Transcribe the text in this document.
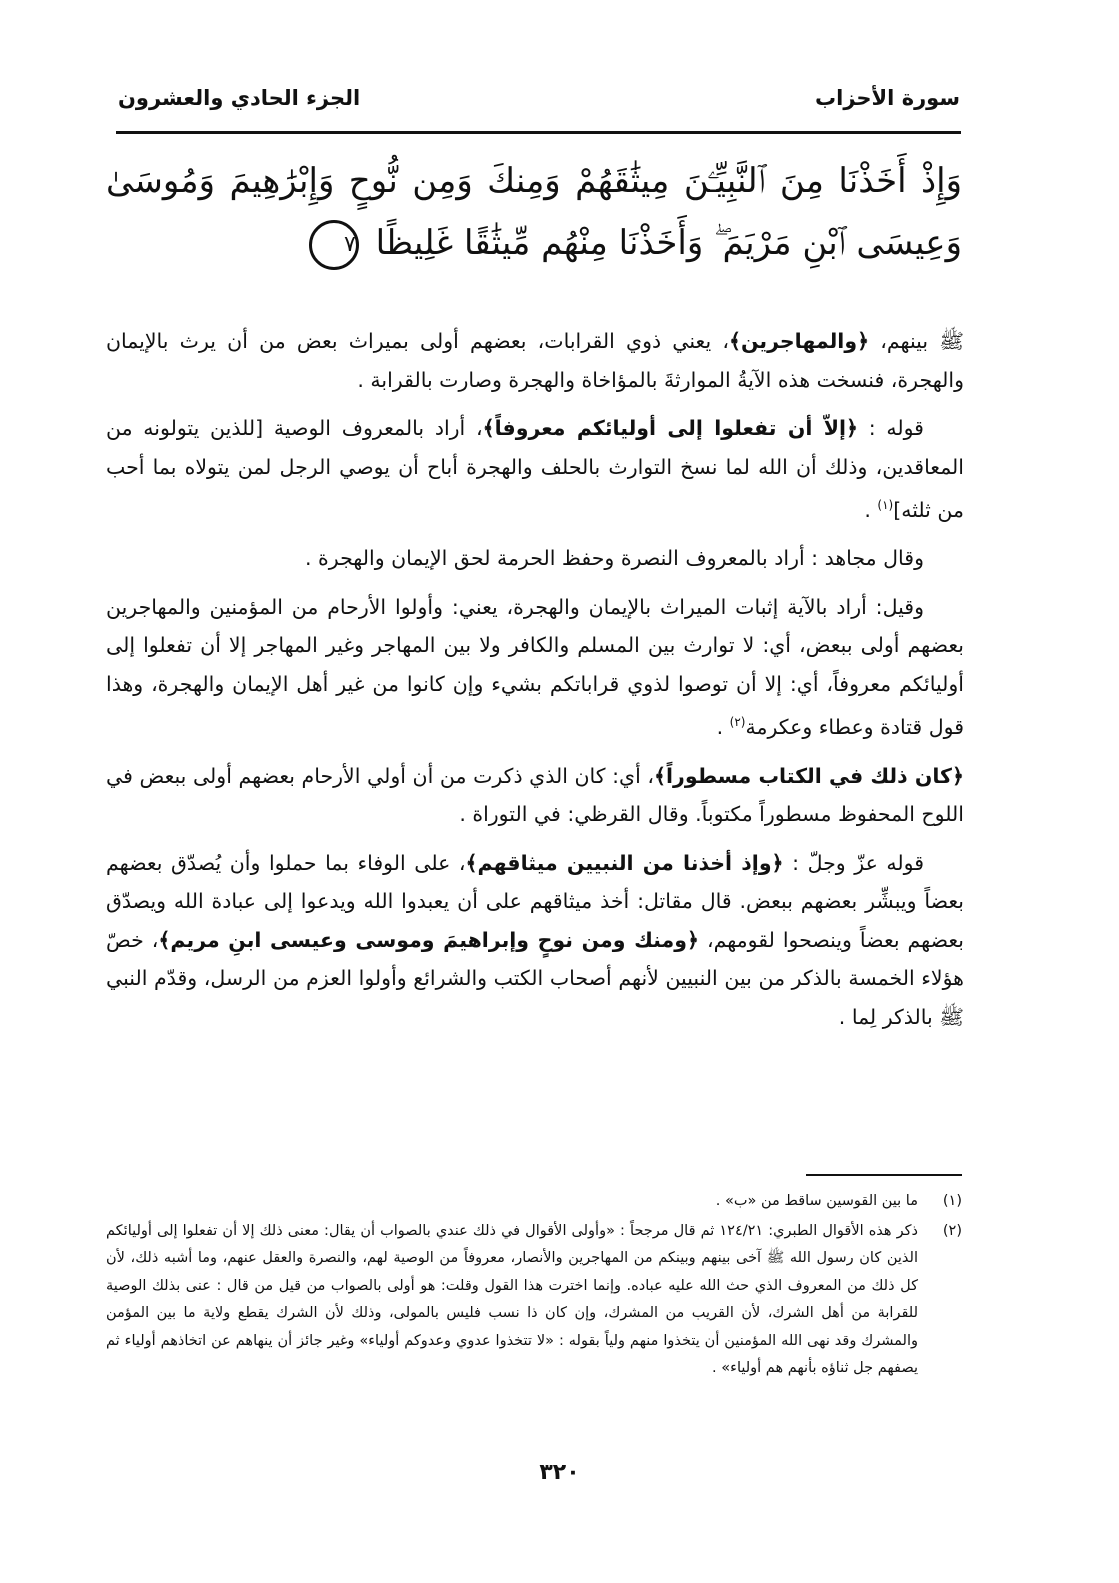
سورة الأحزاب
الجزء الحادي والعشرون
وَإِذْ أَخَذْنَا مِنَ ٱلنَّبِيِّـۧنَ مِيثَٰقَهُمْ وَمِنكَ وَمِن نُّوحٍ وَإِبْرَٰهِيمَ وَمُوسَىٰ وَعِيسَى ٱبْنِ مَرْيَمَ ۖ وَأَخَذْنَا مِنْهُم مِّيثَٰقًا غَلِيظًا ٧

ﷺ بينهم، ﴿والمهاجرين﴾، يعني ذوي القرابات، بعضهم أولى بميراث بعض من أن يرث بالإيمان والهجرة، فنسخت هذه الآيةُ الموارثةَ بالمؤاخاة والهجرة وصارت بالقرابة .

قوله : ﴿إلاّ أن تفعلوا إلى أوليائكم معروفاً﴾، أراد بالمعروف الوصية [للذين يتولونه من المعاقدين، وذلك أن الله لما نسخ التوارث بالحلف والهجرة أباح أن يوصي الرجل لمن يتولاه بما أحب من ثلثه]$^{(١)}$ .

وقال مجاهد : أراد بالمعروف النصرة وحفظ الحرمة لحق الإيمان والهجرة .

وقيل: أراد بالآية إثبات الميراث بالإيمان والهجرة، يعني: وأولوا الأرحام من المؤمنين والمهاجرين بعضهم أولى ببعض، أي: لا توارث بين المسلم والكافر ولا بين المهاجر وغير المهاجر إلا أن تفعلوا إلى أوليائكم معروفاً، أي: إلا أن توصوا لذوي قراباتكم بشيء وإن كانوا من غير أهل الإيمان والهجرة، وهذا قول قتادة وعطاء وعكرمة$^{(٢)}$ .

﴿كان ذلك في الكتاب مسطوراً﴾، أي: كان الذي ذكرت من أن أولي الأرحام بعضهم أولى ببعض في اللوح المحفوظ مسطوراً مكتوباً. وقال القرظي: في التوراة .

قوله عزّ وجلّ : ﴿وإذ أخذنا من النبيين ميثاقهم﴾، على الوفاء بما حملوا وأن يُصدّق بعضهم بعضاً ويبشِّر بعضهم ببعض. قال مقاتل: أخذ ميثاقهم على أن يعبدوا الله ويدعوا إلى عبادة الله ويصدّق بعضهم بعضاً وينصحوا لقومهم، ﴿ومنك ومن نوحٍ وإبراهيمَ وموسى وعيسى ابنِ مريم﴾، خصّ هؤلاء الخمسة بالذكر من بين النبيين لأنهم أصحاب الكتب والشرائع وأولوا العزم من الرسل، وقدّم النبي ﷺ بالذكر لِما .

(١)
ما بين القوسين ساقط من «ب» .
(٢)
ذكر هذه الأقوال الطبري: ١٢٤/٢١ ثم قال مرجحاً : «وأولى الأقوال في ذلك عندي بالصواب أن يقال: معنى ذلك إلا أن تفعلوا إلى أوليائكم الذين كان رسول الله ﷺ آخى بينهم وبينكم من المهاجرين والأنصار، معروفاً من الوصية لهم، والنصرة والعقل عنهم، وما أشبه ذلك، لأن كل ذلك من المعروف الذي حث الله عليه عباده. وإنما اخترت هذا القول وقلت: هو أولى بالصواب من قيل من قال : عنى بذلك الوصية للقرابة من أهل الشرك، لأن القريب من المشرك، وإن كان ذا نسب فليس بالمولى، وذلك لأن الشرك يقطع ولاية ما بين المؤمن والمشرك وقد نهى الله المؤمنين أن يتخذوا منهم ولياً بقوله : «لا تتخذوا عدوي وعدوكم أولياء» وغير جائز أن ينهاهم عن اتخاذهم أولياء ثم يصفهم جل ثناؤه بأنهم هم أولياء» .
٣٢٠
